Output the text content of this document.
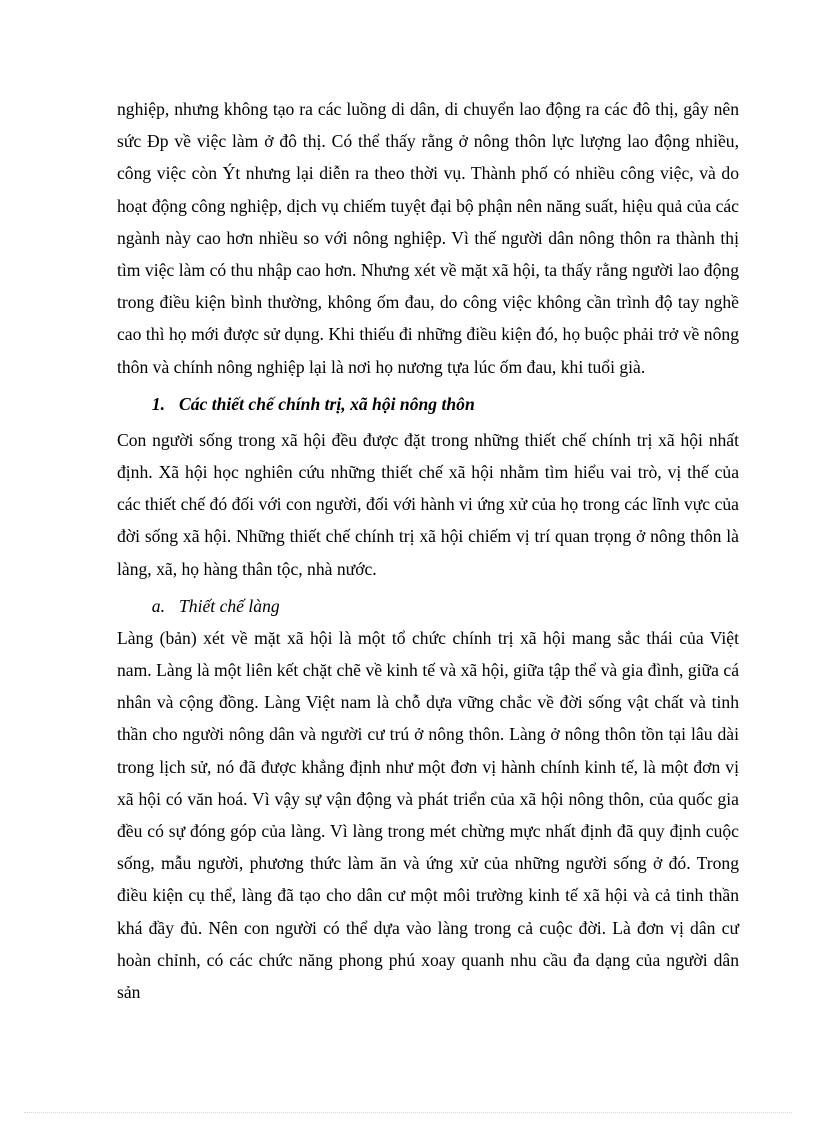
nghiệp, nhưng không tạo ra các luồng di dân, di chuyển lao động ra các đô thị, gây nên sức Đp về việc làm ở đô thị. Có thể thấy rằng ở nông thôn lực lượng lao động nhiều, công việc còn Ýt nhưng lại diễn ra theo thời vụ. Thành phố có nhiều công việc, và do hoạt động công nghiệp, dịch vụ chiếm tuyệt đại bộ phận nên năng suất, hiệu quả của các ngành này cao hơn nhiều so với nông nghiệp. Vì thế người dân nông thôn ra thành thị tìm việc làm có thu nhập cao hơn. Nhưng xét về mặt xã hội, ta thấy rằng người lao động trong điều kiện bình thường, không ốm đau, do công việc không cần trình độ tay nghề cao thì họ mới được sử dụng. Khi thiếu đi những điều kiện đó, họ buộc phải trở về nông thôn và chính nông nghiệp lại là nơi họ nương tựa lúc ốm đau, khi tuổi già.

1. Các thiết chế chính trị, xã hội nông thôn

Con người sống trong xã hội đều được đặt trong những thiết chế chính trị xã hội nhất định. Xã hội học nghiên cứu những thiết chế xã hội nhằm tìm hiểu vai trò, vị thế của các thiết chế đó đối với con người, đối với hành vi ứng xử của họ trong các lĩnh vực của đời sống xã hội. Những thiết chế chính trị xã hội chiếm vị trí quan trọng ở nông thôn là làng, xã, họ hàng thân tộc, nhà nước.

a. Thiết chế làng

Làng (bản) xét về mặt xã hội là một tổ chức chính trị xã hội mang sắc thái của Việt nam. Làng là một liên kết chặt chẽ về kinh tế và xã hội, giữa tập thể và gia đình, giữa cá nhân và cộng đồng. Làng Việt nam là chỗ dựa vững chắc về đời sống vật chất và tinh thần cho người nông dân và người cư trú ở nông thôn. Làng ở nông thôn tồn tại lâu dài trong lịch sử, nó đã được khẳng định như một đơn vị hành chính kinh tế, là một đơn vị xã hội có văn hoá. Vì vậy sự vận động và phát triển của xã hội nông thôn, của quốc gia đều có sự đóng góp của làng. Vì làng trong mét chừng mực nhất định đã quy định cuộc sống, mẫu người, phương thức làm ăn và ứng xử của những người sống ở đó. Trong điều kiện cụ thể, làng đã tạo cho dân cư một môi trường kinh tế xã hội và cả tinh thần khá đầy đủ. Nên con người có thể dựa vào làng trong cả cuộc đời. Là đơn vị dân cư hoàn chỉnh, có các chức năng phong phú xoay quanh nhu cầu đa dạng của người dân sản
